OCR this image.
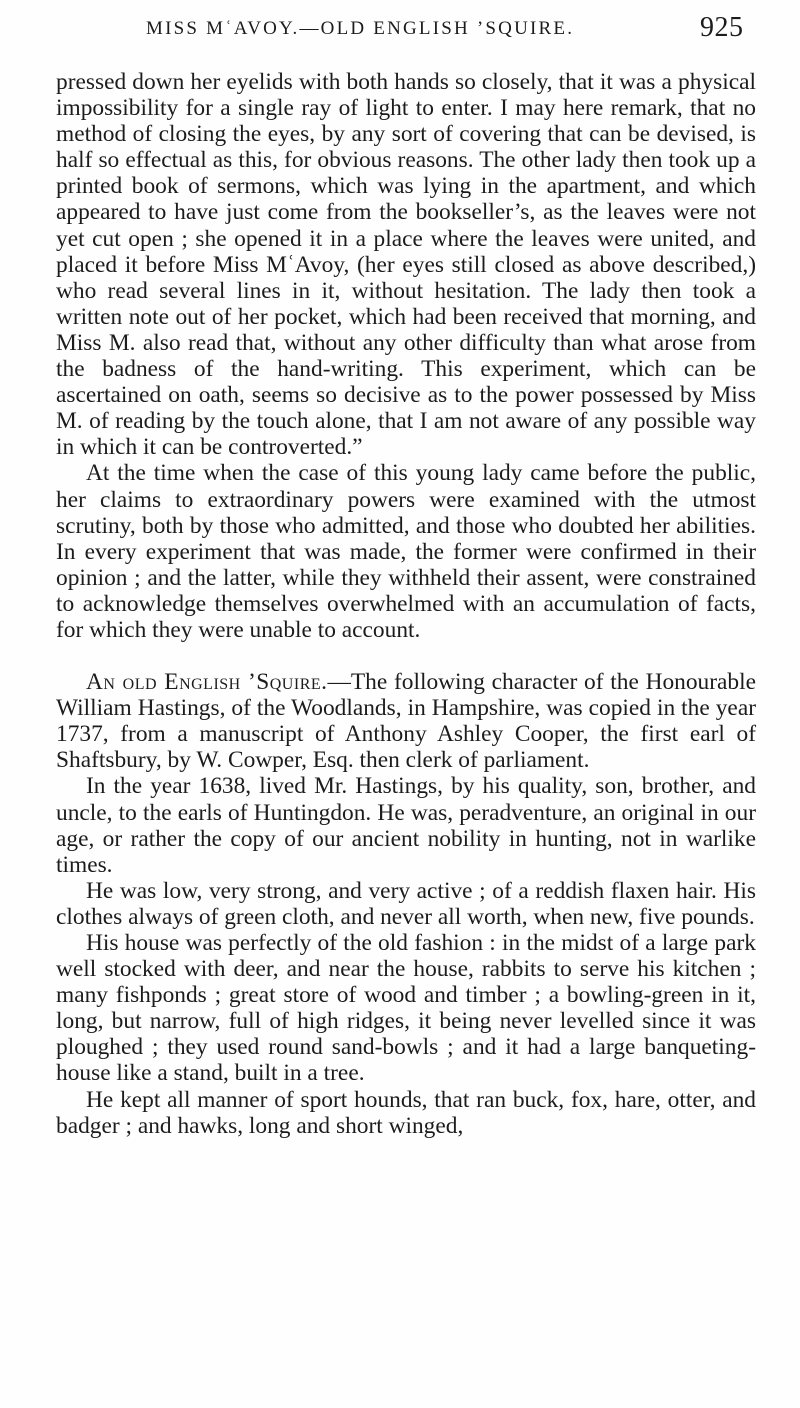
MISS MʿAVOY.—OLD ENGLISH ’SQUIRE.	925

pressed down her eyelids with both hands so closely, that it was a physical impossibility for a single ray of light to enter. I may here remark, that no method of closing the eyes, by any sort of covering that can be devised, is half so effectual as this, for obvious reasons. The other lady then took up a printed book of sermons, which was lying in the apartment, and which appeared to have just come from the bookseller’s, as the leaves were not yet cut open ; she opened it in a place where the leaves were united, and placed it before Miss MʿAvoy, (her eyes still closed as above described,) who read several lines in it, without hesitation. The lady then took a written note out of her pocket, which had been received that morning, and Miss M. also read that, without any other difficulty than what arose from the badness of the hand-writing. This experiment, which can be ascertained on oath, seems so decisive as to the power possessed by Miss M. of reading by the touch alone, that I am not aware of any possible way in which it can be controverted.”

At the time when the case of this young lady came before the public, her claims to extraordinary powers were examined with the utmost scrutiny, both by those who admitted, and those who doubted her abilities. In every experiment that was made, the former were confirmed in their opinion ; and the latter, while they withheld their assent, were constrained to acknowledge themselves overwhelmed with an accumulation of facts, for which they were unable to account.

An old English ’Squire.—The following character of the Honourable William Hastings, of the Woodlands, in Hampshire, was copied in the year 1737, from a manuscript of Anthony Ashley Cooper, the first earl of Shaftsbury, by W. Cowper, Esq. then clerk of parliament.

In the year 1638, lived Mr. Hastings, by his quality, son, brother, and uncle, to the earls of Huntingdon. He was, peradventure, an original in our age, or rather the copy of our ancient nobility in hunting, not in warlike times.

He was low, very strong, and very active ; of a reddish flaxen hair. His clothes always of green cloth, and never all worth, when new, five pounds.

His house was perfectly of the old fashion : in the midst of a large park well stocked with deer, and near the house, rabbits to serve his kitchen ; many fishponds ; great store of wood and timber ; a bowling-green in it, long, but narrow, full of high ridges, it being never levelled since it was ploughed ; they used round sand-bowls ; and it had a large banqueting-house like a stand, built in a tree.

He kept all manner of sport hounds, that ran buck, fox, hare, otter, and badger ; and hawks, long and short winged,
